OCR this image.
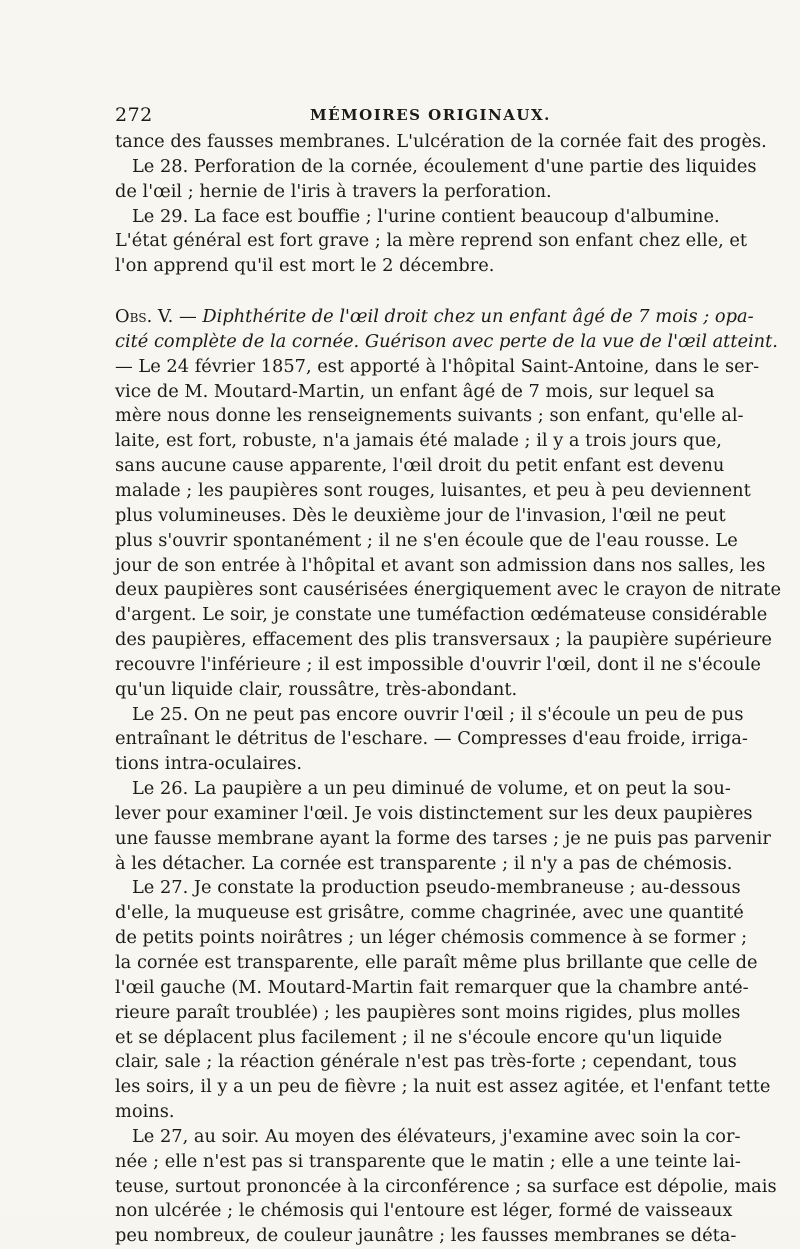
272	MÉMOIRES ORIGINAUX.
tance des fausses membranes. L'ulcération de la cornée fait des progès.
Le 28. Perforation de la cornée, écoulement d'une partie des liquides
de l'œil ; hernie de l'iris à travers la perforation.
Le 29. La face est bouffie ; l'urine contient beaucoup d'albumine.
L'état général est fort grave ; la mère reprend son enfant chez elle, et
l'on apprend qu'il est mort le 2 décembre.
Obs. V. — Diphthérite de l'œil droit chez un enfant âgé de 7 mois ; opa-
cité complète de la cornée. Guérison avec perte de la vue de l'œil atteint.
— Le 24 février 1857, est apporté à l'hôpital Saint-Antoine, dans le ser-
vice de M. Moutard-Martin, un enfant âgé de 7 mois, sur lequel sa
mère nous donne les renseignements suivants ; son enfant, qu'elle al-
laite, est fort, robuste, n'a jamais été malade ; il y a trois jours que,
sans aucune cause apparente, l'œil droit du petit enfant est devenu
malade ; les paupières sont rouges, luisantes, et peu à peu deviennent
plus volumineuses. Dès le deuxième jour de l'invasion, l'œil ne peut
plus s'ouvrir spontanément ; il ne s'en écoule que de l'eau rousse. Le
jour de son entrée à l'hôpital et avant son admission dans nos salles, les
deux paupières sont causérisées énergiquement avec le crayon de nitrate
d'argent. Le soir, je constate une tuméfaction œdémateuse considérable
des paupières, effacement des plis transversaux ; la paupière supérieure
recouvre l'inférieure ; il est impossible d'ouvrir l'œil, dont il ne s'écoule
qu'un liquide clair, roussâtre, très-abondant.
Le 25. On ne peut pas encore ouvrir l'œil ; il s'écoule un peu de pus
entraînant le détritus de l'eschare. — Compresses d'eau froide, irriga-
tions intra-oculaires.
Le 26. La paupière a un peu diminué de volume, et on peut la sou-
lever pour examiner l'œil. Je vois distinctement sur les deux paupières
une fausse membrane ayant la forme des tarses ; je ne puis pas parvenir
à les détacher. La cornée est transparente ; il n'y a pas de chémosis.
Le 27. Je constate la production pseudo-membraneuse ; au-dessous
d'elle, la muqueuse est grisâtre, comme chagrinée, avec une quantité
de petits points noirâtres ; un léger chémosis commence à se former ;
la cornée est transparente, elle paraît même plus brillante que celle de
l'œil gauche (M. Moutard-Martin fait remarquer que la chambre anté-
rieure paraît troublée) ; les paupières sont moins rigides, plus molles
et se déplacent plus facilement ; il ne s'écoule encore qu'un liquide
clair, sale ; la réaction générale n'est pas très-forte ; cependant, tous
les soirs, il y a un peu de fièvre ; la nuit est assez agitée, et l'enfant tette
moins.
Le 27, au soir. Au moyen des élévateurs, j'examine avec soin la cor-
née ; elle n'est pas si transparente que le matin ; elle a une teinte lai-
teuse, surtout prononcée à la circonférence ; sa surface est dépolie, mais
non ulcérée ; le chémosis qui l'entoure est léger, formé de vaisseaux
peu nombreux, de couleur jaunâtre ; les fausses membranes se déta-
